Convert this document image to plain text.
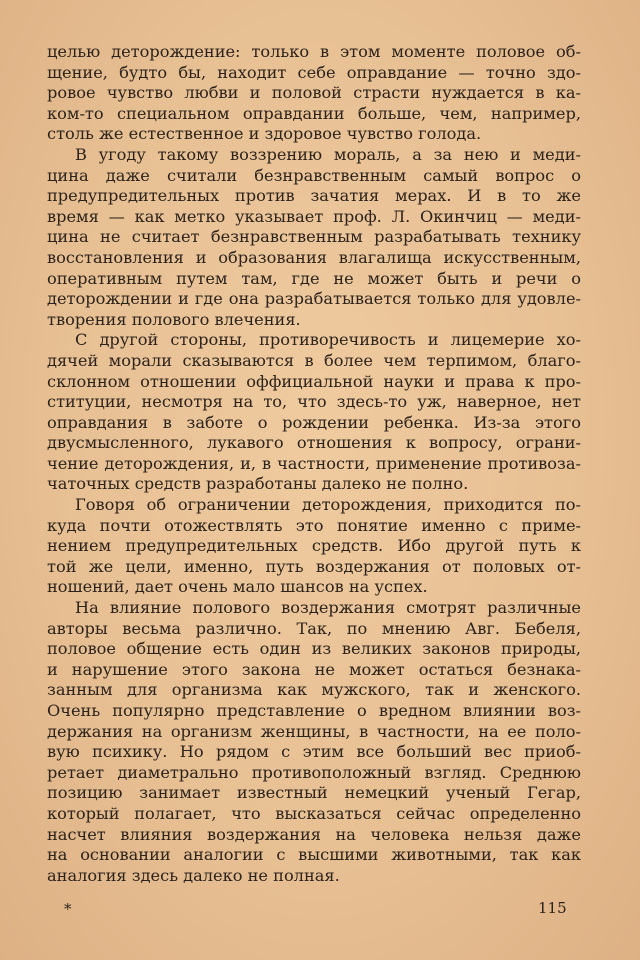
целью деторождение: только в этом моменте половое об-
щение, будто бы, находит себе оправдание — точно здо-
ровое чувство любви и половой страсти нуждается в ка-
ком-то специальном оправдании больше, чем, например,
столь же естественное и здоровое чувство голода.
В угоду такому воззрению мораль, а за нею и меди-
цина даже считали безнравственным самый вопрос о
предупредительных против зачатия мерах. И в то же
время — как метко указывает проф. Л. Окинчиц — меди-
цина не считает безнравственным разрабатывать технику
восстановления и образования влагалища искусственным,
оперативным путем там, где не может быть и речи о
деторождении и где она разрабатывается только для удовле-
творения полового влечения.
С другой стороны, противоречивость и лицемерие хо-
дячей морали сказываются в более чем терпимом, благо-
склонном отношении оффициальной науки и права к про-
ституции, несмотря на то, что здесь-то уж, наверное, нет
оправдания в заботе о рождении ребенка. Из-за этого
двусмысленного, лукавого отношения к вопросу, ограни-
чение деторождения, и, в частности, применение противоза-
чаточных средств разработаны далеко не полно.
Говоря об ограничении деторождения, приходится по-
куда почти отожествлять это понятие именно с приме-
нением предупредительных средств. Ибо другой путь к
той же цели, именно, путь воздержания от половых от-
ношений, дает очень мало шансов на успех.
На влияние полового воздержания смотрят различные
авторы весьма различно. Так, по мнению Авг. Бебеля,
половое общение есть один из великих законов природы,
и нарушение этого закона не может остаться безнака-
занным для организма как мужского, так и женского.
Очень популярно представление о вредном влиянии воз-
держания на организм женщины, в частности, на ее поло-
вую психику. Но рядом с этим все больший вес приоб-
ретает диаметрально противоположный взгляд. Среднюю
позицию занимает известный немецкий ученый Гегар,
который полагает, что высказаться сейчас определенно
насчет влияния воздержания на человека нельзя даже
на основании аналогии с высшими животными, так как
аналогия здесь далеко не полная.
*	115
